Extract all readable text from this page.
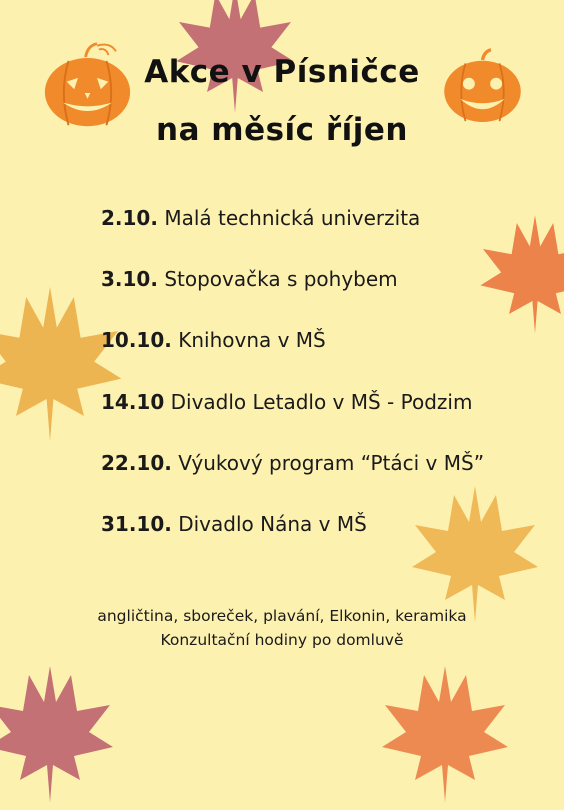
Akce v Písničce
na měsíc říjen
2.10. Malá technická univerzita
3.10. Stopovačka s pohybem
10.10. Knihovna v MŠ
14.10 Divadlo Letadlo v MŠ - Podzim
22.10. Výukový program “Ptáci v MŠ”
31.10. Divadlo Nána v MŠ
angličtina, sboreček, plavání, Elkonin, keramika
Konzultační hodiny po domluvě
